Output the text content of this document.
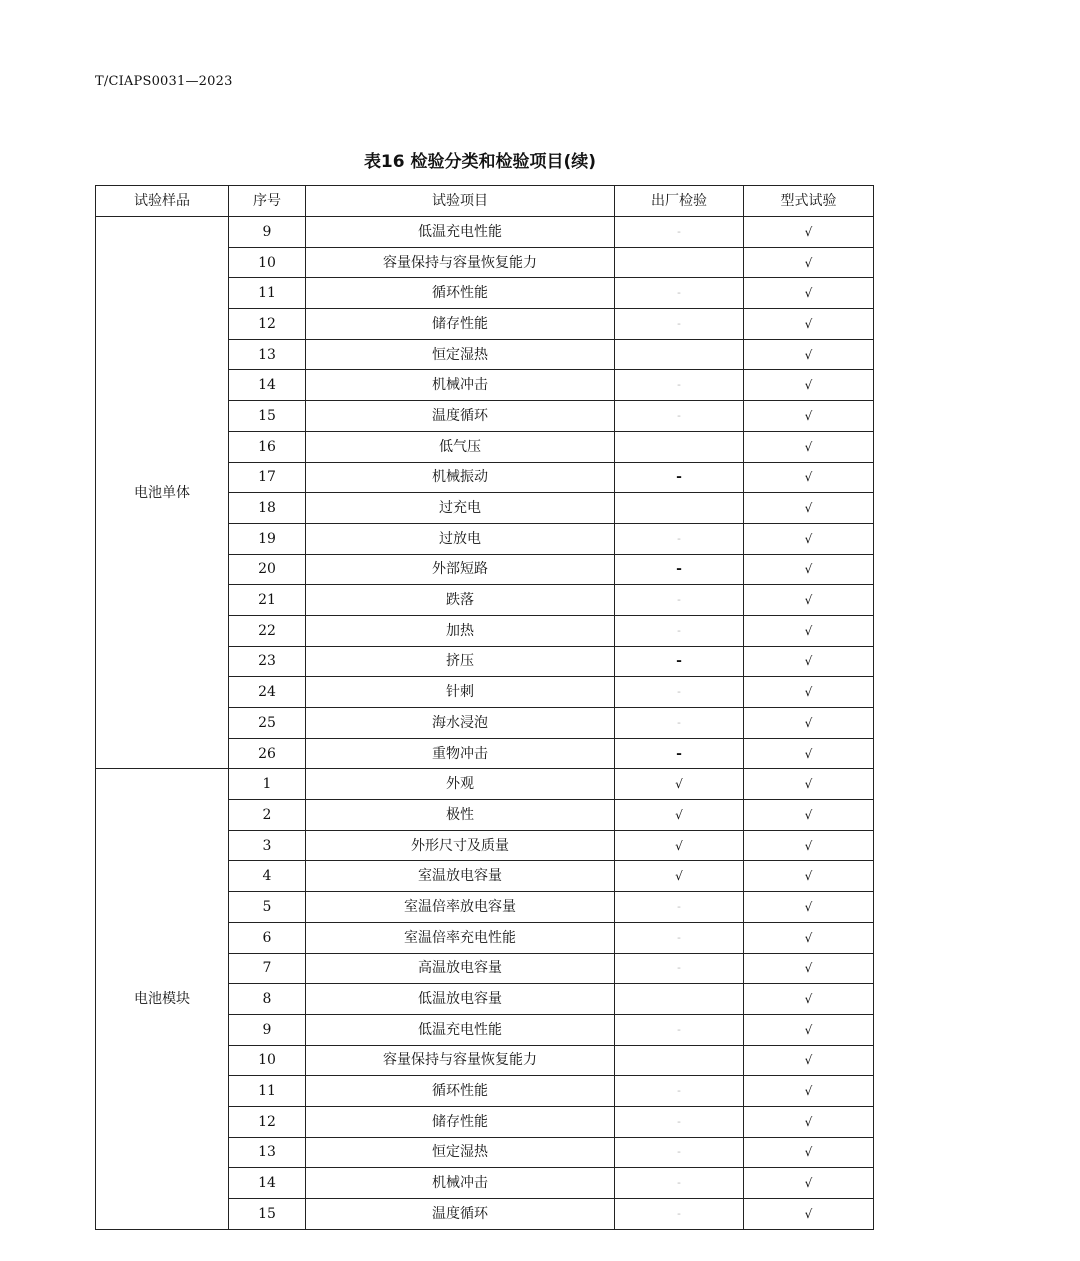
T/CIAPS0031—2023
表16 检验分类和检验项目(续)
试验样品	序号	试验项目	出厂检验	型式试验
电池单体	9	低温充电性能	-	√
	10	容量保持与容量恢复能力		√
	11	循环性能	-	√
	12	储存性能	-	√
	13	恒定湿热		√
	14	机械冲击	-	√
	15	温度循环	-	√
	16	低气压		√
	17	机械振动	-	√
	18	过充电		√
	19	过放电	-	√
	20	外部短路	-	√
	21	跌落	-	√
	22	加热	-	√
	23	挤压	-	√
	24	针刺	-	√
	25	海水浸泡	-	√
	26	重物冲击	-	√
电池模块	1	外观	√	√
	2	极性	√	√
	3	外形尺寸及质量	√	√
	4	室温放电容量	√	√
	5	室温倍率放电容量	-	√
	6	室温倍率充电性能	-	√
	7	高温放电容量	-	√
	8	低温放电容量		√
	9	低温充电性能	-	√
	10	容量保持与容量恢复能力		√
	11	循环性能	-	√
	12	储存性能	-	√
	13	恒定湿热	-	√
	14	机械冲击	-	√
	15	温度循环	-	√
